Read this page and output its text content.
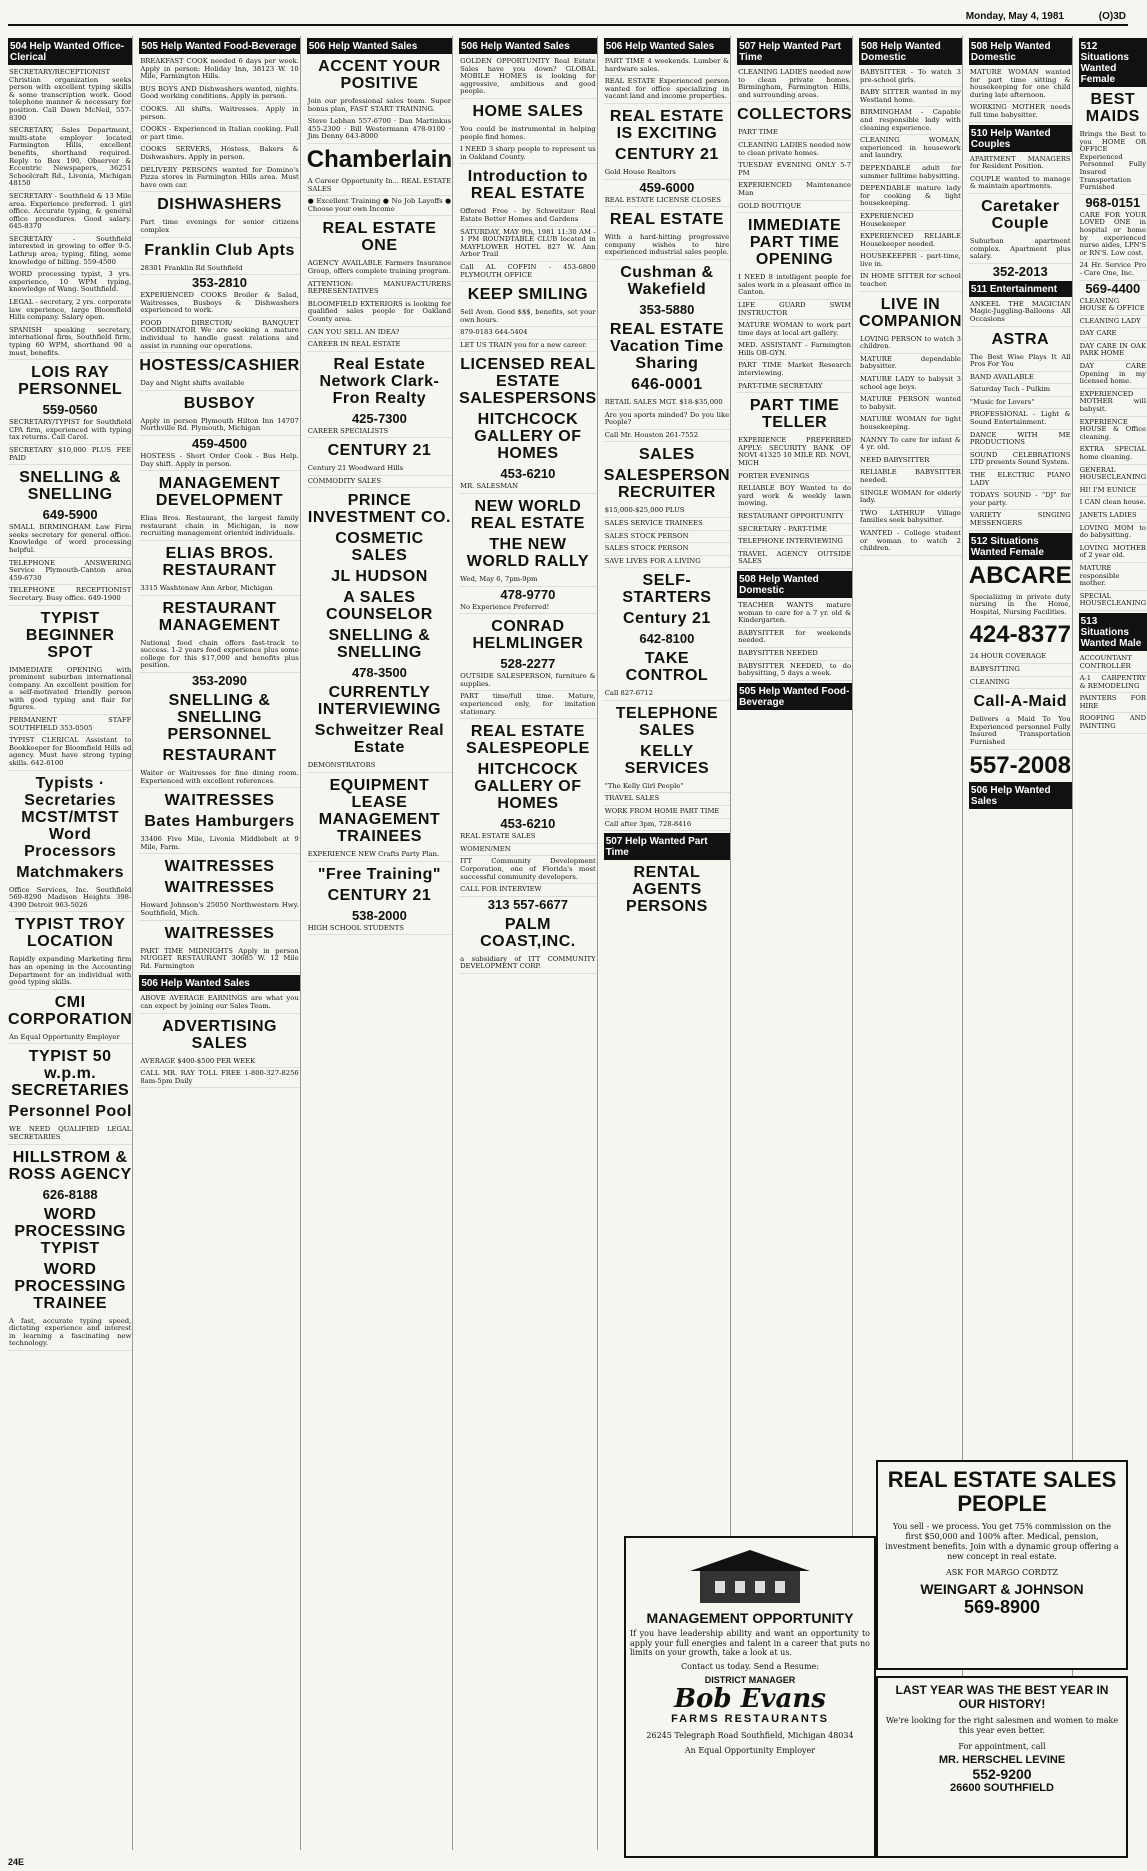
Monday, May 4, 1981	(O)3D
504 Help Wanted Office-Clerical
SECRETARY/RECEPTIONIST Christian organization seeks person with excellent typing skills & some transcription work. Good telephone manner & necessary for position. Call Dawn McNeil, 557-8390
SECRETARY, Sales Department, multi-state employer located Farmington Hills, excellent benefits, shorthand required. Reply to Box 190, Observer & Eccentric Newspapers, 36251 Schoolcraft Rd., Livonia, Michigan 48150
SECRETARY - Southfield & 13 Mile area. Experience preferred. 1 girl office. Accurate typing, & general office procedures. Good salary. 645-8370
SECRETARY - Southfield interested in growing to offer 9-5. Lathrup area; typing, filing, some knowledge of billing. 559-4500
WORD processing typist, 3 yrs. experience, 10 WPM typing, knowledge of Wang. Southfield.
LEGAL - secretary, 2 yrs. corporate law experience, large Bloomfield Hills company. Salary open.
SPANISH speaking secretary, international firm, Southfield firm, typing 60 WPM, shorthand 90 a must, benefits.
LOIS RAY PERSONNEL
559-0560
SECRETARY/TYPIST for Southfield CPA firm, experienced with typing tax returns. Call Carol.
SECRETARY $10,000 PLUS FEE PAID
SNELLING & SNELLING
649-5900
SMALL BIRMINGHAM Law Firm seeks secretary for general office. Knowledge of word processing helpful.
TELEPHONE ANSWERING Service Plymouth-Canton area 459-6730
TELEPHONE RECEPTIONIST Secretary. Busy office. 649-1900
TYPIST BEGINNER SPOT
IMMEDIATE OPENING with prominent suburban international company. An excellent position for a self-motivated friendly person with good typing and flair for figures.
PERMANENT STAFF SOUTHFIELD 353-0505
TYPIST CLERICAL Assistant to Bookkeeper for Bloomfield Hills ad agency. Must have strong typing skills. 642-6100
Typists · Secretaries MCST/MTST Word Processors
Matchmakers
Office Services, Inc. Southfield 569-8290 Madison Heights 398-4390 Detroit 963-5026
TYPIST TROY LOCATION
Rapidly expanding Marketing firm has an opening in the Accounting Department for an individual with good typing skills.
CMI CORPORATION
An Equal Opportunity Employer
TYPIST 50 w.p.m. SECRETARIES
Personnel Pool
WE NEED QUALIFIED LEGAL SECRETARIES
HILLSTROM & ROSS AGENCY
626-8188
WORD PROCESSING TYPIST
WORD PROCESSING TRAINEE
A fast, accurate typing speed, dictating experience and interest in learning a fascinating new technology.
505 Help Wanted Food-Beverage
BREAKFAST COOK needed 6 days per week. Apply in person: Holiday Inn, 38123 W. 10 Mile, Farmington Hills.
BUS BOYS AND Dishwashers wanted, nights. Good working conditions. Apply in person.
COOKS. All shifts. Waitresses. Apply in person.
COOKS - Experienced in Italian cooking. Full or part time.
COOKS SERVERS, Hostess, Bakers & Dishwashers. Apply in person.
DELIVERY PERSONS wanted for Domino's Pizza stores in Farmington Hills area. Must have own car.
DISHWASHERS
Part time evenings for senior citizens complex
Franklin Club Apts
28301 Franklin Rd Southfield
353-2810
EXPERIENCED COOKS Broiler & Salad, Waitresses, Busboys & Dishwashers experienced to work.
FOOD DIRECTOR/ BANQUET COORDINATOR We are seeking a mature individual to handle guest relations and assist in running our operations.
HOSTESS/CASHIER
Day and Night shifts available
BUSBOY
Apply in person Plymouth Hilton Inn 14707 Northville Rd. Plymouth, Michigan
459-4500
HOSTESS - Short Order Cook - Bus Help. Day shift. Apply in person.
MANAGEMENT DEVELOPMENT
Elias Bros. Restaurant, the largest family restaurant chain in Michigan, is now recruiting management oriented individuals.
ELIAS BROS. RESTAURANT
3315 Washtenaw Ann Arbor, Michigan
RESTAURANT MANAGEMENT
National food chain offers fast-track to success. 1-2 years food experience plus some college for this $17,000 and benefits plus position.
353-2090
SNELLING & SNELLING PERSONNEL
RESTAURANT
Waiter or Waitresses for fine dining room. Experienced with excellent references.
WAITRESSES
Bates Hamburgers
33406 Five Mile, Livonia Middlebelt at 9 Mile, Farm.
WAITRESSES
WAITRESSES
Howard Johnson's 25050 Northwestern Hwy. Southfield, Mich.
WAITRESSES
PART TIME MIDNIGHTS Apply in person NUGGET RESTAURANT 30685 W. 12 Mile Rd. Farmington
506 Help Wanted Sales
ABOVE AVERAGE EARNINGS are what you can expect by joining our Sales Team.
ADVERTISING SALES
AVERAGE $400-$500 PER WEEK
CALL MR. RAY TOLL FREE 1-800-327-8256 8am-5pm Daily
506 Help Wanted Sales
ACCENT YOUR POSITIVE
Join our professional sales team. Super bonus plan, FAST START TRAINING.
Steve Lebhan 557-6700 · Dan Martinkus 455-2300 · Bill Westermann 478-9100 · Jim Denny 643-8000
Chamberlain
A Career Opportunity In... REAL ESTATE SALES
● Excellent Training ● No Job Layoffs ● Choose your own Income
REAL ESTATE ONE
AGENCY AVAILABLE Farmers Insurance Group, offers complete training program.
ATTENTION: MANUFACTURERS REPRESENTATIVES
BLOOMFIELD EXTERIORS is looking for qualified sales people for Oakland County area.
CAN YOU SELL AN IDEA?
CAREER IN REAL ESTATE
Real Estate Network Clark-Fron Realty
425-7300
CAREER SPECIALISTS
CENTURY 21
Century 21 Woodward Hills
COMMODITY SALES
PRINCE INVESTMENT CO.
COSMETIC SALES
JL HUDSON
A SALES COUNSELOR
SNELLING & SNELLING
478-3500
CURRENTLY INTERVIEWING
Schweitzer Real Estate
DEMONSTRATORS
EQUIPMENT LEASE MANAGEMENT TRAINEES
EXPERIENCE NEW Crafts Party Plan.
"Free Training"
CENTURY 21
538-2000
HIGH SCHOOL STUDENTS
506 Help Wanted Sales
GOLDEN OPPORTUNITY Real Estate Sales have you down? GLOBAL MOBILE HOMES is looking for aggressive, ambitious and good people.
HOME SALES
You could be instrumental in helping people find homes.
I NEED 3 sharp people to represent us in Oakland County.
Introduction to REAL ESTATE
Offered Free - by Schweitzer Real Estate Better Homes and Gardens
SATURDAY, MAY 9th, 1981 11:30 AM - 1 PM ROUNDTABLE CLUB located in MAYFLOWER HOTEL 827 W. Ann Arbor Trail
Call AL COFFIN - 453-6800 PLYMOUTH OFFICE
KEEP SMILING
Sell Avon. Good $$$, benefits, set your own hours.
879-0183 644-5404
LET US TRAIN you for a new career.
LICENSED REAL ESTATE SALESPERSONS
HITCHCOCK GALLERY OF HOMES
453-6210
MR. SALESMAN
NEW WORLD REAL ESTATE
THE NEW WORLD RALLY
Wed, May 6, 7pm-9pm
478-9770
No Experience Preferred!
CONRAD HELMLINGER
528-2277
OUTSIDE SALESPERSON, furniture & supplies.
PART time/full time. Mature, experienced only, for imitation stationary.
REAL ESTATE SALESPEOPLE
HITCHCOCK GALLERY OF HOMES
453-6210
REAL ESTATE SALES
WOMEN/MEN
ITT Community Development Corporation, one of Florida's most successful community developers.
CALL FOR INTERVIEW
313 557-6677
PALM COAST,INC.
a subsidiary of ITT COMMUNITY DEVELOPMENT CORP.
506 Help Wanted Sales
PART TIME 4 weekends. Lumber & hardware sales.
REAL ESTATE Experienced person wanted for office specializing in vacant land and income properties.
REAL ESTATE IS EXCITING
CENTURY 21
Gold House Realtors
459-6000
REAL ESTATE LICENSE CLOSES
REAL ESTATE
With a hard-hitting progressive company wishes to hire experienced industrial sales people.
Cushman & Wakefield
353-5880
REAL ESTATE Vacation Time Sharing
646-0001
RETAIL SALES MGT. $18-$35,000
Are you sports minded? Do you like People?
Call Mr. Houston 261-7552
SALES
SALESPERSON RECRUITER
$15,000-$25,000 PLUS
SALES SERVICE TRAINEES
SALES STOCK PERSON
SALES STOCK PERSON
SAVE LIVES FOR A LIVING
SELF-STARTERS
Century 21
642-8100
TAKE CONTROL
Call 827-6712
TELEPHONE SALES
KELLY SERVICES
"The Kelly Girl People"
TRAVEL SALES
WORK FROM HOME PART TIME
Call after 3pm, 728-8416
507 Help Wanted Part Time
RENTAL AGENTS PERSONS
507 Help Wanted Part Time
CLEANING LADIES needed now to clean private homes. Birmingham, Farmington Hills, and surrounding areas.
COLLECTORS
PART TIME
CLEANING LADIES needed now to clean private homes.
TUESDAY EVENING ONLY 5-7 PM
EXPERIENCED Maintenance Man
GOLD BOUTIQUE
IMMEDIATE PART TIME OPENING
I NEED 8 intelligent people for sales work in a pleasant office in Canton.
LIFE GUARD SWIM INSTRUCTOR
MATURE WOMAN to work part time days at local art gallery.
MED. ASSISTANT - Farmington Hills OB-GYN.
PART TIME Market Research interviewing.
PART-TIME SECRETARY
PART TIME TELLER
EXPERIENCE PREFERRED APPLY: SECURITY BANK OF NOVI 41325 10 MILE RD. NOVI, MICH
PORTER EVENINGS
RELIABLE BOY Wanted to do yard work & weekly lawn mowing.
RESTAURANT OPPORTUNITY
SECRETARY - PART-TIME
TELEPHONE INTERVIEWING
TRAVEL AGENCY OUTSIDE SALES
508 Help Wanted Domestic
TEACHER WANTS mature woman to care for a 7 yr. old & Kindergarten.
BABYSITTER for weekends needed.
BABYSITTER NEEDED
BABYSITTER NEEDED, to do babysitting, 5 days a week.
505 Help Wanted Food-Beverage
508 Help Wanted Domestic
BABYSITTER - To watch 3 pre-school girls.
BABY SITTER wanted in my Westland home.
BIRMINGHAM - Capable and responsible lady with cleaning experience.
CLEANING WOMAN, experienced in housework and laundry.
DEPENDABLE adult for summer fulltime babysitting.
DEPENDABLE mature lady for cooking & light housekeeping.
EXPERIENCED Housekeeper
EXPERIENCED RELIABLE Housekeeper needed.
HOUSEKEEPER - part-time, live in.
IN HOME SITTER for school teacher.
LIVE IN COMPANION
LOVING PERSON to watch 3 children.
MATURE dependable babysitter.
MATURE LADY to babysit 3 school age boys.
MATURE PERSON wanted to babysit.
MATURE WOMAN for light housekeeping.
NANNY To care for infant & 4 yr. old.
NEED BABYSITTER
RELIABLE BABYSITTER needed.
SINGLE WOMAN for elderly lady.
TWO LATHRUP Village families seek babysitter.
WANTED - College student or woman to watch 2 children.
508 Help Wanted Domestic
MATURE WOMAN wanted for part time sitting & housekeeping for one child during late afternoon.
WORKING MOTHER needs full time babysitter.
510 Help Wanted Couples
APARTMENT MANAGERS for Resident Position.
COUPLE wanted to manage & maintain apartments.
Caretaker Couple
Suburban apartment complex. Apartment plus salary.
352-2013
511 Entertainment
ANKEEL THE MAGICIAN Magic-Juggling-Balloons All Occasions
ASTRA
The Best Wise Plays It All Pros For You
BAND AVAILABLE
Saturday Tech - Pulkim
"Music for Lovers"
PROFESSIONAL - Light & Sound Entertainment.
DANCE WITH ME PRODUCTIONS
SOUND CELEBRATIONS LTD presents Sound System.
THE ELECTRIC PIANO LADY
TODAYS SOUND - "DJ" for your party.
VARIETY SINGING MESSENGERS
512 Situations Wanted Female
ABCARE
Specializing in private duty nursing in the Home, Hospital, Nursing Facilities.
424-8377
24 HOUR COVERAGE
BABYSITTING
CLEANING
Call-A-Maid
Delivers a Maid To You Experienced personnel Fully Insured Transportation Furnished
557-2008
506 Help Wanted Sales
512 Situations Wanted Female
BEST MAIDS
Brings the Best to you HOME OR OFFICE Experienced Personnel Fully Insured Transportation Furnished
968-0151
CARE FOR YOUR LOVED ONE in hospital or home by experienced nurse aides, LPN'S or RN'S. Low cost.
24 Hr. Service Pro - Care One, Inc.
569-4400
CLEANING HOUSE & OFFICE
CLEANING LADY
DAY CARE
DAY CARE IN OAK PARK HOME
DAY CARE Opening in my licensed home.
EXPERIENCED MOTHER will babysit.
EXPERIENCE HOUSE & Office cleaning.
EXTRA SPECIAL home cleaning.
GENERAL HOUSECLEANING
HI! I'M EUNICE
I CAN clean house.
JANETS LADIES
LOVING MOM to do babysitting.
LOVING MOTHER of 2 year old.
MATURE responsible mother.
SPECIAL HOUSECLEANING
513 Situations Wanted Male
ACCOUNTANT CONTROLLER
A-1 CARPENTRY & REMODELING
PAINTERS FOR HIRE
ROOFING AND PAINTING
24E
MANAGEMENT OPPORTUNITY
If you have leadership ability and want an opportunity to apply your full energies and talent in a career that puts no limits on your growth, take a look at us.
Contact us today. Send a Resume:
DISTRICT MANAGER
Bob Evans
FARMS RESTAURANTS
26245 Telegraph Road Southfield, Michigan 48034
An Equal Opportunity Employer
REAL ESTATE SALES PEOPLE
You sell - we process. You get 75% commission on the first $50,000 and 100% after. Medical, pension, investment benefits. Join with a dynamic group offering a new concept in real estate.
ASK FOR MARGO CORDTZ
WEINGART & JOHNSON
569-8900
LAST YEAR WAS THE BEST YEAR IN OUR HISTORY!
We're looking for the right salesmen and women to make this year even better.
For appointment, call
MR. HERSCHEL LEVINE
552-9200
26600 SOUTHFIELD
